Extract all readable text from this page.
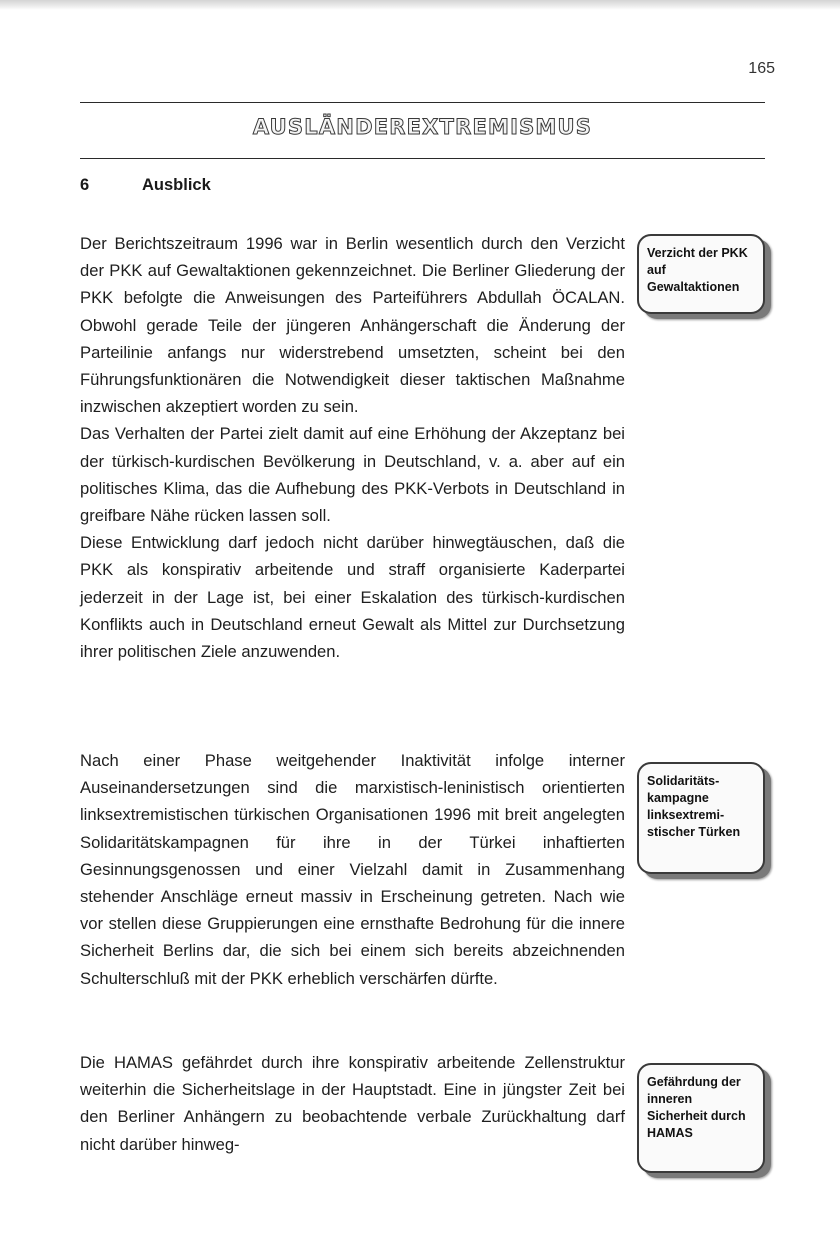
165
AUSLÄNDEREXTREMISMUS
6	Ausblick
Der Berichtszeitraum 1996 war in Berlin wesentlich durch den Verzicht der PKK auf Gewaltaktionen gekennzeichnet. Die Berliner Gliederung der PKK befolgte die Anweisungen des Parteiführers Abdullah ÖCALAN. Obwohl gerade Teile der jüngeren Anhängerschaft die Änderung der Parteilinie anfangs nur widerstrebend umsetzten, scheint bei den Führungsfunktionären die Notwendigkeit dieser taktischen Maßnahme inzwischen akzeptiert worden zu sein.
Das Verhalten der Partei zielt damit auf eine Erhöhung der Akzeptanz bei der türkisch-kurdischen Bevölkerung in Deutschland, v. a. aber auf ein politisches Klima, das die Aufhebung des PKK-Verbots in Deutschland in greifbare Nähe rücken lassen soll.
Diese Entwicklung darf jedoch nicht darüber hinwegtäuschen, daß die PKK als konspirativ arbeitende und straff organisierte Kaderpartei jederzeit in der Lage ist, bei einer Eskalation des türkisch-kurdischen Konflikts auch in Deutschland erneut Gewalt als Mittel zur Durchsetzung ihrer politischen Ziele anzuwenden.
Verzicht der PKK auf Gewaltaktionen
Nach einer Phase weitgehender Inaktivität infolge interner Auseinandersetzungen sind die marxistisch-leninistisch orientierten linksextremistischen türkischen Organisationen 1996 mit breit angelegten Solidaritätskampagnen für ihre in der Türkei inhaftierten Gesinnungsgenossen und einer Vielzahl damit in Zusammenhang stehender Anschläge erneut massiv in Erscheinung getreten. Nach wie vor stellen diese Gruppierungen eine ernsthafte Bedrohung für die innere Sicherheit Berlins dar, die sich bei einem sich bereits abzeichnenden Schulterschluß mit der PKK erheblich verschärfen dürfte.
Solidaritäts-kampagne linksextremi-stischer Türken
Die HAMAS gefährdet durch ihre konspirativ arbeitende Zellenstruktur weiterhin die Sicherheitslage in der Hauptstadt. Eine in jüngster Zeit bei den Berliner Anhängern zu beobachtende verbale Zurückhaltung darf nicht darüber hinweg-
Gefährdung der inneren Sicherheit durch HAMAS
